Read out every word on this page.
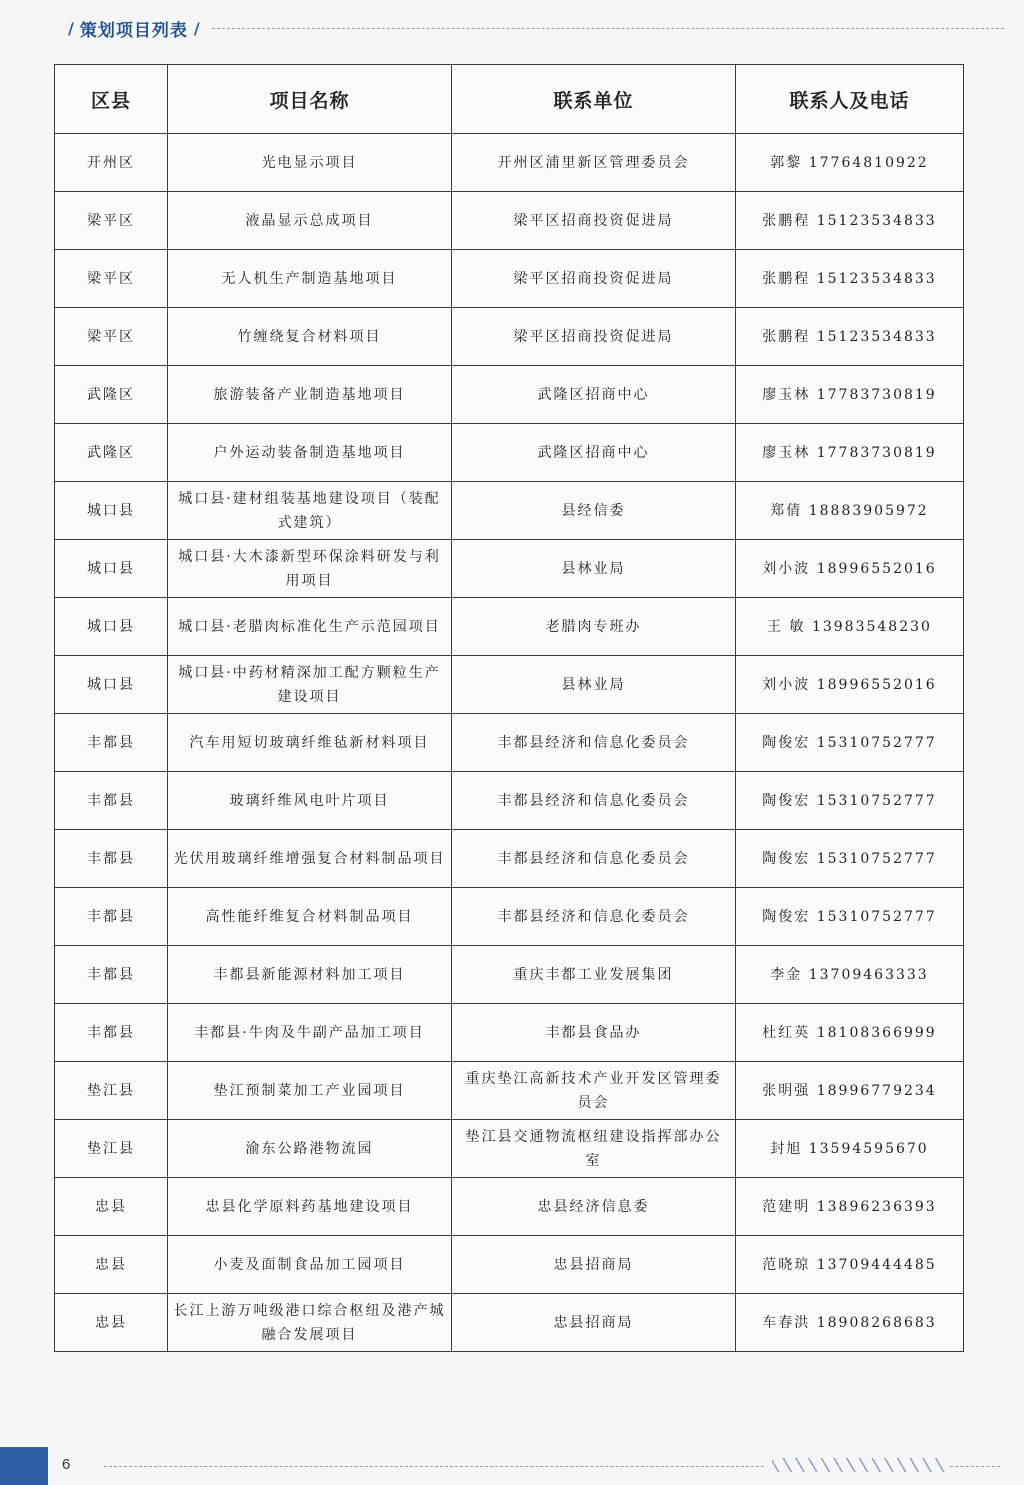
/ 策划项目列表 /
区县	项目名称	联系单位	联系人及电话
开州区	光电显示项目	开州区浦里新区管理委员会	郭黎 17764810922
梁平区	液晶显示总成项目	梁平区招商投资促进局	张鹏程 15123534833
梁平区	无人机生产制造基地项目	梁平区招商投资促进局	张鹏程 15123534833
梁平区	竹缠绕复合材料项目	梁平区招商投资促进局	张鹏程 15123534833
武隆区	旅游装备产业制造基地项目	武隆区招商中心	廖玉林 17783730819
武隆区	户外运动装备制造基地项目	武隆区招商中心	廖玉林 17783730819
城口县	城口县·建材组装基地建设项目（装配式建筑）	县经信委	郑倩 18883905972
城口县	城口县·大木漆新型环保涂料研发与利用项目	县林业局	刘小波 18996552016
城口县	城口县·老腊肉标准化生产示范园项目	老腊肉专班办	王 敏 13983548230
城口县	城口县·中药材精深加工配方颗粒生产建设项目	县林业局	刘小波 18996552016
丰都县	汽车用短切玻璃纤维毡新材料项目	丰都县经济和信息化委员会	陶俊宏 15310752777
丰都县	玻璃纤维风电叶片项目	丰都县经济和信息化委员会	陶俊宏 15310752777
丰都县	光伏用玻璃纤维增强复合材料制品项目	丰都县经济和信息化委员会	陶俊宏 15310752777
丰都县	高性能纤维复合材料制品项目	丰都县经济和信息化委员会	陶俊宏 15310752777
丰都县	丰都县新能源材料加工项目	重庆丰都工业发展集团	李金 13709463333
丰都县	丰都县·牛肉及牛副产品加工项目	丰都县食品办	杜红英 18108366999
垫江县	垫江预制菜加工产业园项目	重庆垫江高新技术产业开发区管理委员会	张明强 18996779234
垫江县	渝东公路港物流园	垫江县交通物流枢纽建设指挥部办公室	封旭 13594595670
忠县	忠县化学原料药基地建设项目	忠县经济信息委	范建明 13896236393
忠县	小麦及面制食品加工园项目	忠县招商局	范晓琼 13709444485
忠县	长江上游万吨级港口综合枢纽及港产城融合发展项目	忠县招商局	车春洪 18908268683
6
